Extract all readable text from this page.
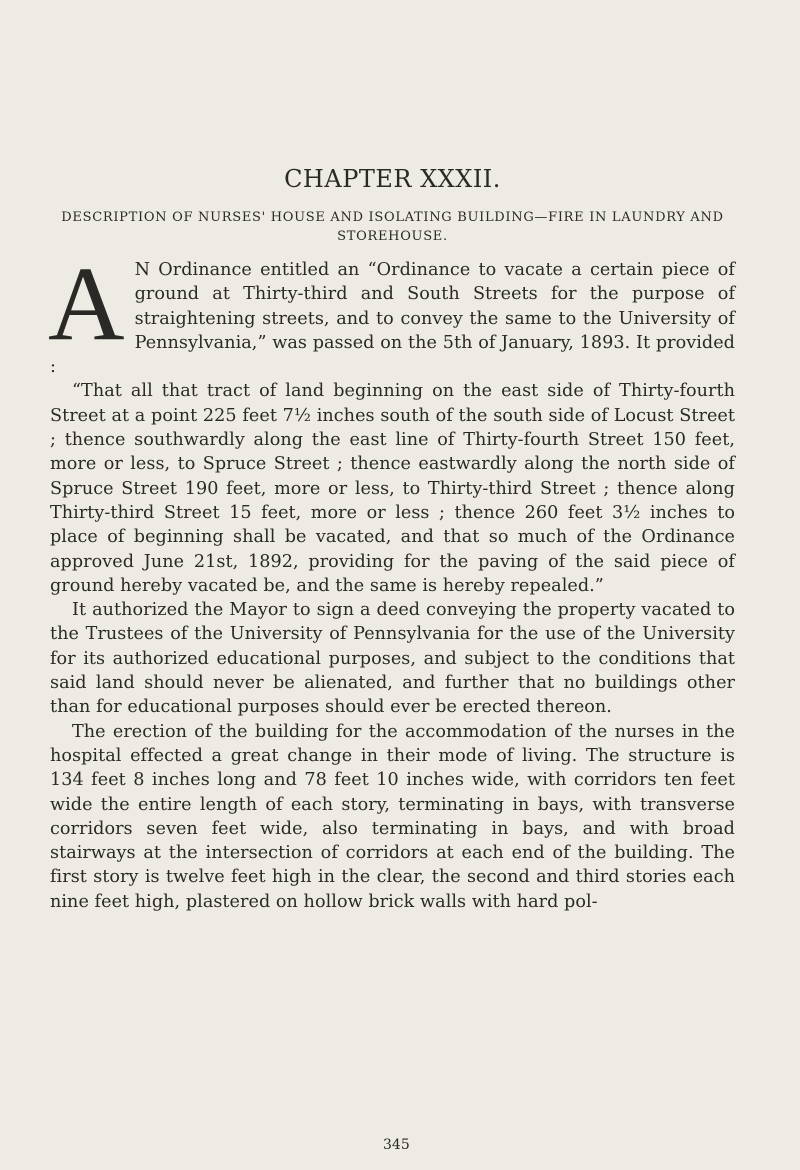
CHAPTER XXXII.
DESCRIPTION OF NURSES' HOUSE AND ISOLATING BUILDING—FIRE IN LAUNDRY AND STOREHOUSE.

A N Ordinance entitled an “Ordinance to vacate a certain piece of ground at Thirty-third and South Streets for the purpose of straightening streets, and to convey the same to the University of Pennsylvania,” was passed on the 5th of January, 1893. It provided :

“That all that tract of land beginning on the east side of Thirty-fourth Street at a point 225 feet 7½ inches south of the south side of Locust Street ; thence southwardly along the east line of Thirty-fourth Street 150 feet, more or less, to Spruce Street ; thence eastwardly along the north side of Spruce Street 190 feet, more or less, to Thirty-third Street ; thence along Thirty-third Street 15 feet, more or less ; thence 260 feet 3½ inches to place of beginning shall be vacated, and that so much of the Ordinance approved June 21st, 1892, providing for the paving of the said piece of ground hereby vacated be, and the same is hereby repealed.”

It authorized the Mayor to sign a deed conveying the property vacated to the Trustees of the University of Pennsylvania for the use of the University for its authorized educational purposes, and subject to the conditions that said land should never be alienated, and further that no buildings other than for educational purposes should ever be erected thereon.

The erection of the building for the accommodation of the nurses in the hospital effected a great change in their mode of living. The structure is 134 feet 8 inches long and 78 feet 10 inches wide, with corridors ten feet wide the entire length of each story, terminating in bays, with transverse corridors seven feet wide, also terminating in bays, and with broad stairways at the intersection of corridors at each end of the building. The first story is twelve feet high in the clear, the second and third stories each nine feet high, plastered on hollow brick walls with hard pol-

345
